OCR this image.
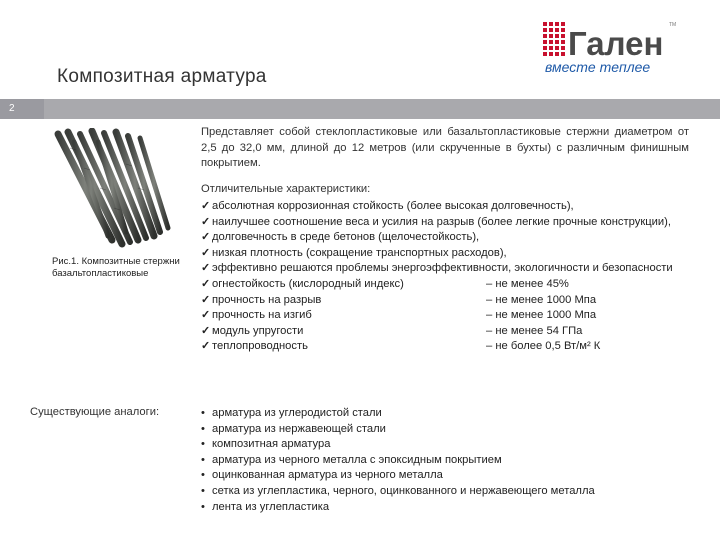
Композитная арматура
Гален TM
вместе теплее
2
Рис.1. Композитные стержни базальтопластиковые
Представляет собой стеклопластиковые или базальтопластиковые стержни диаметром от 2,5 до 32,0 мм, длиной до 12 метров (или скрученные в бухты) с различным финишным покрытием.
Отличительные характеристики:
✓ абсолютная коррозионная стойкость (более высокая долговечность),
✓ наилучшее соотношение веса и усилия на разрыв (более легкие прочные конструкции),
✓ долговечность в среде бетонов (щелочестойкость),
✓ низкая плотность (сокращение транспортных расходов),
✓ эффективно решаются проблемы энергоэффективности, экологичности и безопасности
✓ огнестойкость (кислородный индекс)	– не менее 45%
✓ прочность на разрыв	– не менее 1000 Мпа
✓ прочность на изгиб	– не менее 1000 Мпа
✓ модуль упругости	– не менее 54 ГПа
✓ теплопроводность	– не более 0,5 Вт/м² К
Существующие аналоги:	• арматура из углеродистой стали
• арматура из нержавеющей стали
• композитная арматура
• арматура из черного металла с эпоксидным покрытием
• оцинкованная арматура из черного металла
• сетка из углепластика, черного, оцинкованного и нержавеющего металла
• лента из углепластика
